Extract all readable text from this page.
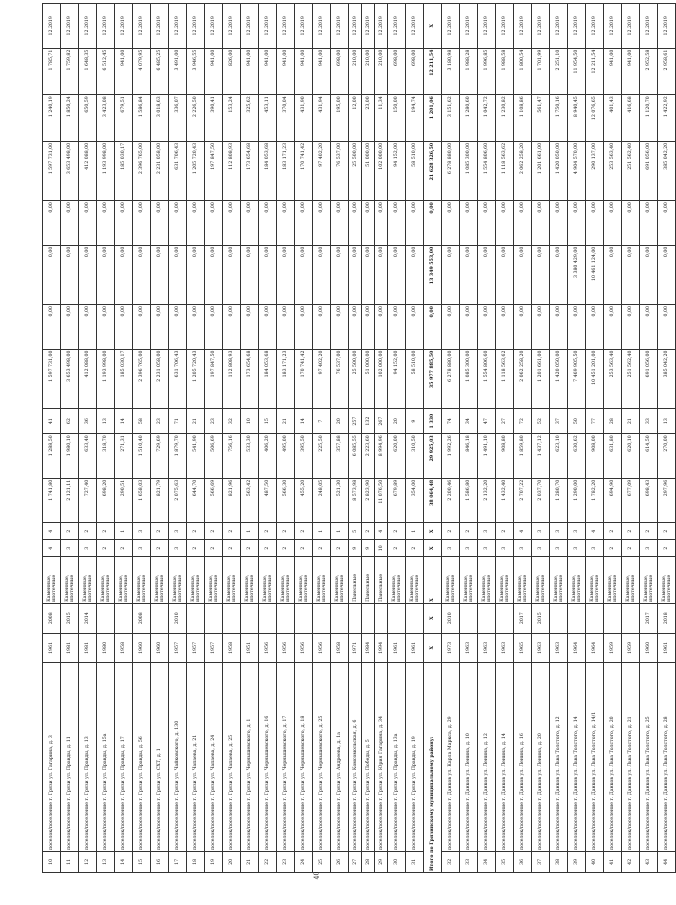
10	поселок/поселение г. Грязи ул. Гагарина, д. 3	1961	2008	Каменные, ипотечные	4	4	1 741,80	1 288,50	41	1 597 731,00	0,00	0,00	0,00	1 597 731,00	1 240,19	1 785,71	12.2019
11	поселок/поселение г. Грязи ул. Правды, д. 11	1981	2015	Каменные, ипотечные	3	2	2 121,11	1 980,10	62	3 653 498,00	0,00	0,00	0,00	3 653 498,00	1 850,24	1 759,82	12.2019
12	поселок/поселение г. Грязи ул. Правды, д. 13	1981	2014	Каменные, ипотечные	3	2	727,40	633,40	36	412 088,00	0,00	0,00	0,00	412 088,00	650,59	1 648,35	12.2019
13	поселок/поселение г. Грязи ул. Правды, д. 15а	1980		Каменные, ипотечные	2	2	698,20	318,70	13	1 193 998,00	0,00	0,00	0,00	1 193 998,00	3 423,08	6 512,45	12.2019
14	поселок/поселение г. Грязи ул. Правды, д. 17	1958		Каменные, ипотечные	2	1	290,51	271,31	14	185 030,17	0,00	0,00	0,00	185 030,17	679,51	941,00	12.2019
15	поселок/поселение г. Грязи ул. Правды, д. 56	1960	2008	Каменные, ипотечные	3	3	1 658,03	1 510,40	58	2 396 765,00	0,00	0,00	0,00	2 396 765,00	1 586,84	4 079,95	12.2019
16	поселок/поселение г. Грязи ул. СХТ, д. 1	1960		Каменные, ипотечные	2	2	821,79	729,69	23	2 231 058,00	0,00	0,00	0,00	2 231 058,00	3 018,63	6 485,25	12.2019
17	поселок/поселение г. Грязи ул. Чайковского, д. 130	1957	2010	Каменные, ипотечные	3	3	2 075,63	1 879,70	71	631 706,43	0,00	0,00	0,00	631 706,43	336,07	3 491,00	12.2019
18	поселок/поселение г. Грязи ул. Чапаева, д. 21	1957		Каменные, ипотечные	2	2	644,70	541,90	21	1 205 720,43	0,00	0,00	0,00	1 205 720,43	2 226,50	3 946,55	12.2019
19	поселок/поселение г. Грязи ул. Чапаева, д. 24	1957		Каменные, ипотечные	2	2	566,69	506,69	23	197 847,50	0,00	0,00	0,00	197 847,50	390,41	941,00	12.2019
20	поселок/поселение г. Грязи ул. Чапаева, д. 25	1958		Каменные, ипотечные	2	2	821,96	756,16	32	112 808,93	0,00	0,00	0,00	112 808,93	153,24	826,00	12.2019
21	поселок/поселение г. Грязи ул. Чернышевского, д. 1	1951		Каменные, ипотечные	2	1	563,42	533,30	10	173 654,68	0,00	0,00	0,00	173 654,68	325,62	941,00	12.2019
22	поселок/поселение г. Грязи ул. Чернышевского, д. 16	1956		Каменные, ипотечные	2	2	487,50	406,20	15	184 053,68	0,00	0,00	0,00	184 053,68	453,11	941,00	12.2019
23	поселок/поселение г. Грязи ул. Чернышевского, д. 17	1956		Каменные, ипотечные	2	2	566,30	495,00	21	183 171,23	0,00	0,00	0,00	183 171,23	370,04	941,00	12.2019
24	поселок/поселение г. Грязи ул. Чернышевского, д. 18	1956		Каменные, ипотечные	2	2	455,20	395,50	14	170 741,42	0,00	0,00	0,00	170 741,42	431,90	941,00	12.2019
25	поселок/поселение г. Грязи ул. Чернышевского, д. 25	1956		Каменные, ипотечные	2	1	248,05	225,50	7	97 402,20	0,00	0,00	0,00	97 402,20	431,94	941,00	12.2019
26	поселок/поселение г. Грязи ул. Андреева, д. 1а	1958		Каменные, ипотечные	2	1	521,30	357,88	20	76 537,00	0,00	0,00	0,00	76 537,00	195,00	698,00	12.2019
27	поселок/поселение г. Грязи ул. Комсомольская, д. 6	1971		Панельные	9	5	8 573,98	6 085,55	257	25 500,00	0,00	0,00	0,00	25 500,00	12,00	210,00	12.2019
28	поселок/поселение г. Грязи ул. Победы, д. 5	1984		Панельные	9	2	2 823,90	2 223,60	132	51 000,00	0,00	0,00	0,00	51 000,00	23,00	210,00	12.2019
29	поселок/поселение г. Грязи ул. Юрия Гагарина, д. 34	1994		Панельные	10	4	11 076,50	8 994,96	267	102 000,00	0,00	0,00	0,00	102 000,00	11,34	210,00	12.2019
30	поселок/поселение г. Грязи ул. Правды, д. 13а	1961		Каменные, ипотечные	2	2	679,89	620,00	20	94 152,00	0,00	0,00	0,00	94 152,00	150,00	698,00	12.2019
31	поселок/поселение г. Грязи ул. Правды, д. 19	1961		Каменные, ипотечные	2	1	354,00	310,50	9	58 510,00	0,00	0,00	0,00	58 510,00	194,74	698,00	12.2019
Итого по Грязинскому муниципальному району:		Х	Х	Х	Х	Х	38 064,48	29 925,03	1 330	35 977 885,50	0,00	13 349 553,00	0,00	21 628 326,50	1 201,06	12 211,54	Х
32	поселок/поселение г. Данков ул. Карла Маркса, д. 29	1973	2010	Каменные, ипотечные	3	2	2 200,46	1 992,26	74	6 278 880,00	0,00	0,00	0,00	6 278 880,00	3 151,62	3 180,98	12.2019
33	поселок/поселение г. Данков ул. Ленина, д. 10	1963		Каменные, ипотечные	3	2	1 586,80	846,18	34	1 085 300,00	0,00	0,00	0,00	1 085 300,00	1 280,60	1 988,28	12.2019
34	поселок/поселение г. Данков ул. Ленина, д. 12	1963		Каменные, ипотечные	3	3	2 132,20	1 491,10	47	1 554 806,60	0,00	0,00	0,00	1 554 806,60	1 042,72	1 996,85	12.2019
35	поселок/поселение г. Данков ул. Ленина, д. 14	1963		Каменные, ипотечные	3	2	1 432,40	908,80	27	1 118 563,62	0,00	0,00	0,00	1 118 563,62	1 230,82	1 988,58	12.2019
36	поселок/поселение г. Данков ул. Ленина, д. 16	1965	2017	Каменные, ипотечные	3	4	2 707,22	1 859,80	72	2 062 258,20	0,00	0,00	0,00	2 062 258,20	1 108,86	1 800,54	12.2019
37	поселок/поселение г. Данков ул. Ленина, д. 20	1963	2015	Каменные, ипотечные	3	3	2 037,70	1 437,12	52	1 201 661,00	0,00	0,00	0,00	1 201 661,00	561,47	1 701,99	12.2019
38	поселок/поселение г. Данков ул. Льва Толстого, д. 12	1963		Каменные, ипотечные	3	3	1 280,70	623,10	37	1 420 050,00	0,00	0,00	0,00	1 420 050,00	1 750,16	2 251,10	12.2019
39	поселок/поселение г. Данков ул. Льва Толстого, д. 14	1964		Каменные, ипотечные	3	3	1 290,00	630,62	50	7 469 905,50	0,00	3 380 429,00	0,00	4 904 570,00	8 940,45	11 954,50	12.2019
40	поселок/поселение г. Данков ул. Льва Толстого, д. 14/1	1964		Каменные, ипотечные	3	4	1 782,20	908,00	77	10 451 201,00	0,00	10 461 124,00	0,00	290 137,00	12 076,65	12 211,54	12.2019
41	поселок/поселение г. Данков ул. Льва Толстого, д. 20	1959		Каменные, ипотечные	2	2	694,90	631,80	28	253 563,40	0,00	0,00	0,00	253 563,40	401,43	941,00	12.2019
42	поселок/поселение г. Данков ул. Льва Толстого, д. 21	1959		Каменные, ипотечные	2	2	677,09	620,10	21	251 562,40	0,00	0,00	0,00	251 562,40	416,68	941,00	12.2019
43	поселок/поселение г. Данков ул. Льва Толстого, д. 25	1960	2017	Каменные, ипотечные	3	2	698,43	614,50	33	691 056,00	0,00	0,00	0,00	691 056,00	1 120,70	2 952,58	12.2019
44	поселок/поселение г. Данков ул. Льва Толстого, д. 28	1961	2018	Каменные, ипотечные	2	2	297,96	270,00	13	385 042,20	0,00	0,00	0,00	385 042,20	1 422,92	2 958,61	12.2019
40
